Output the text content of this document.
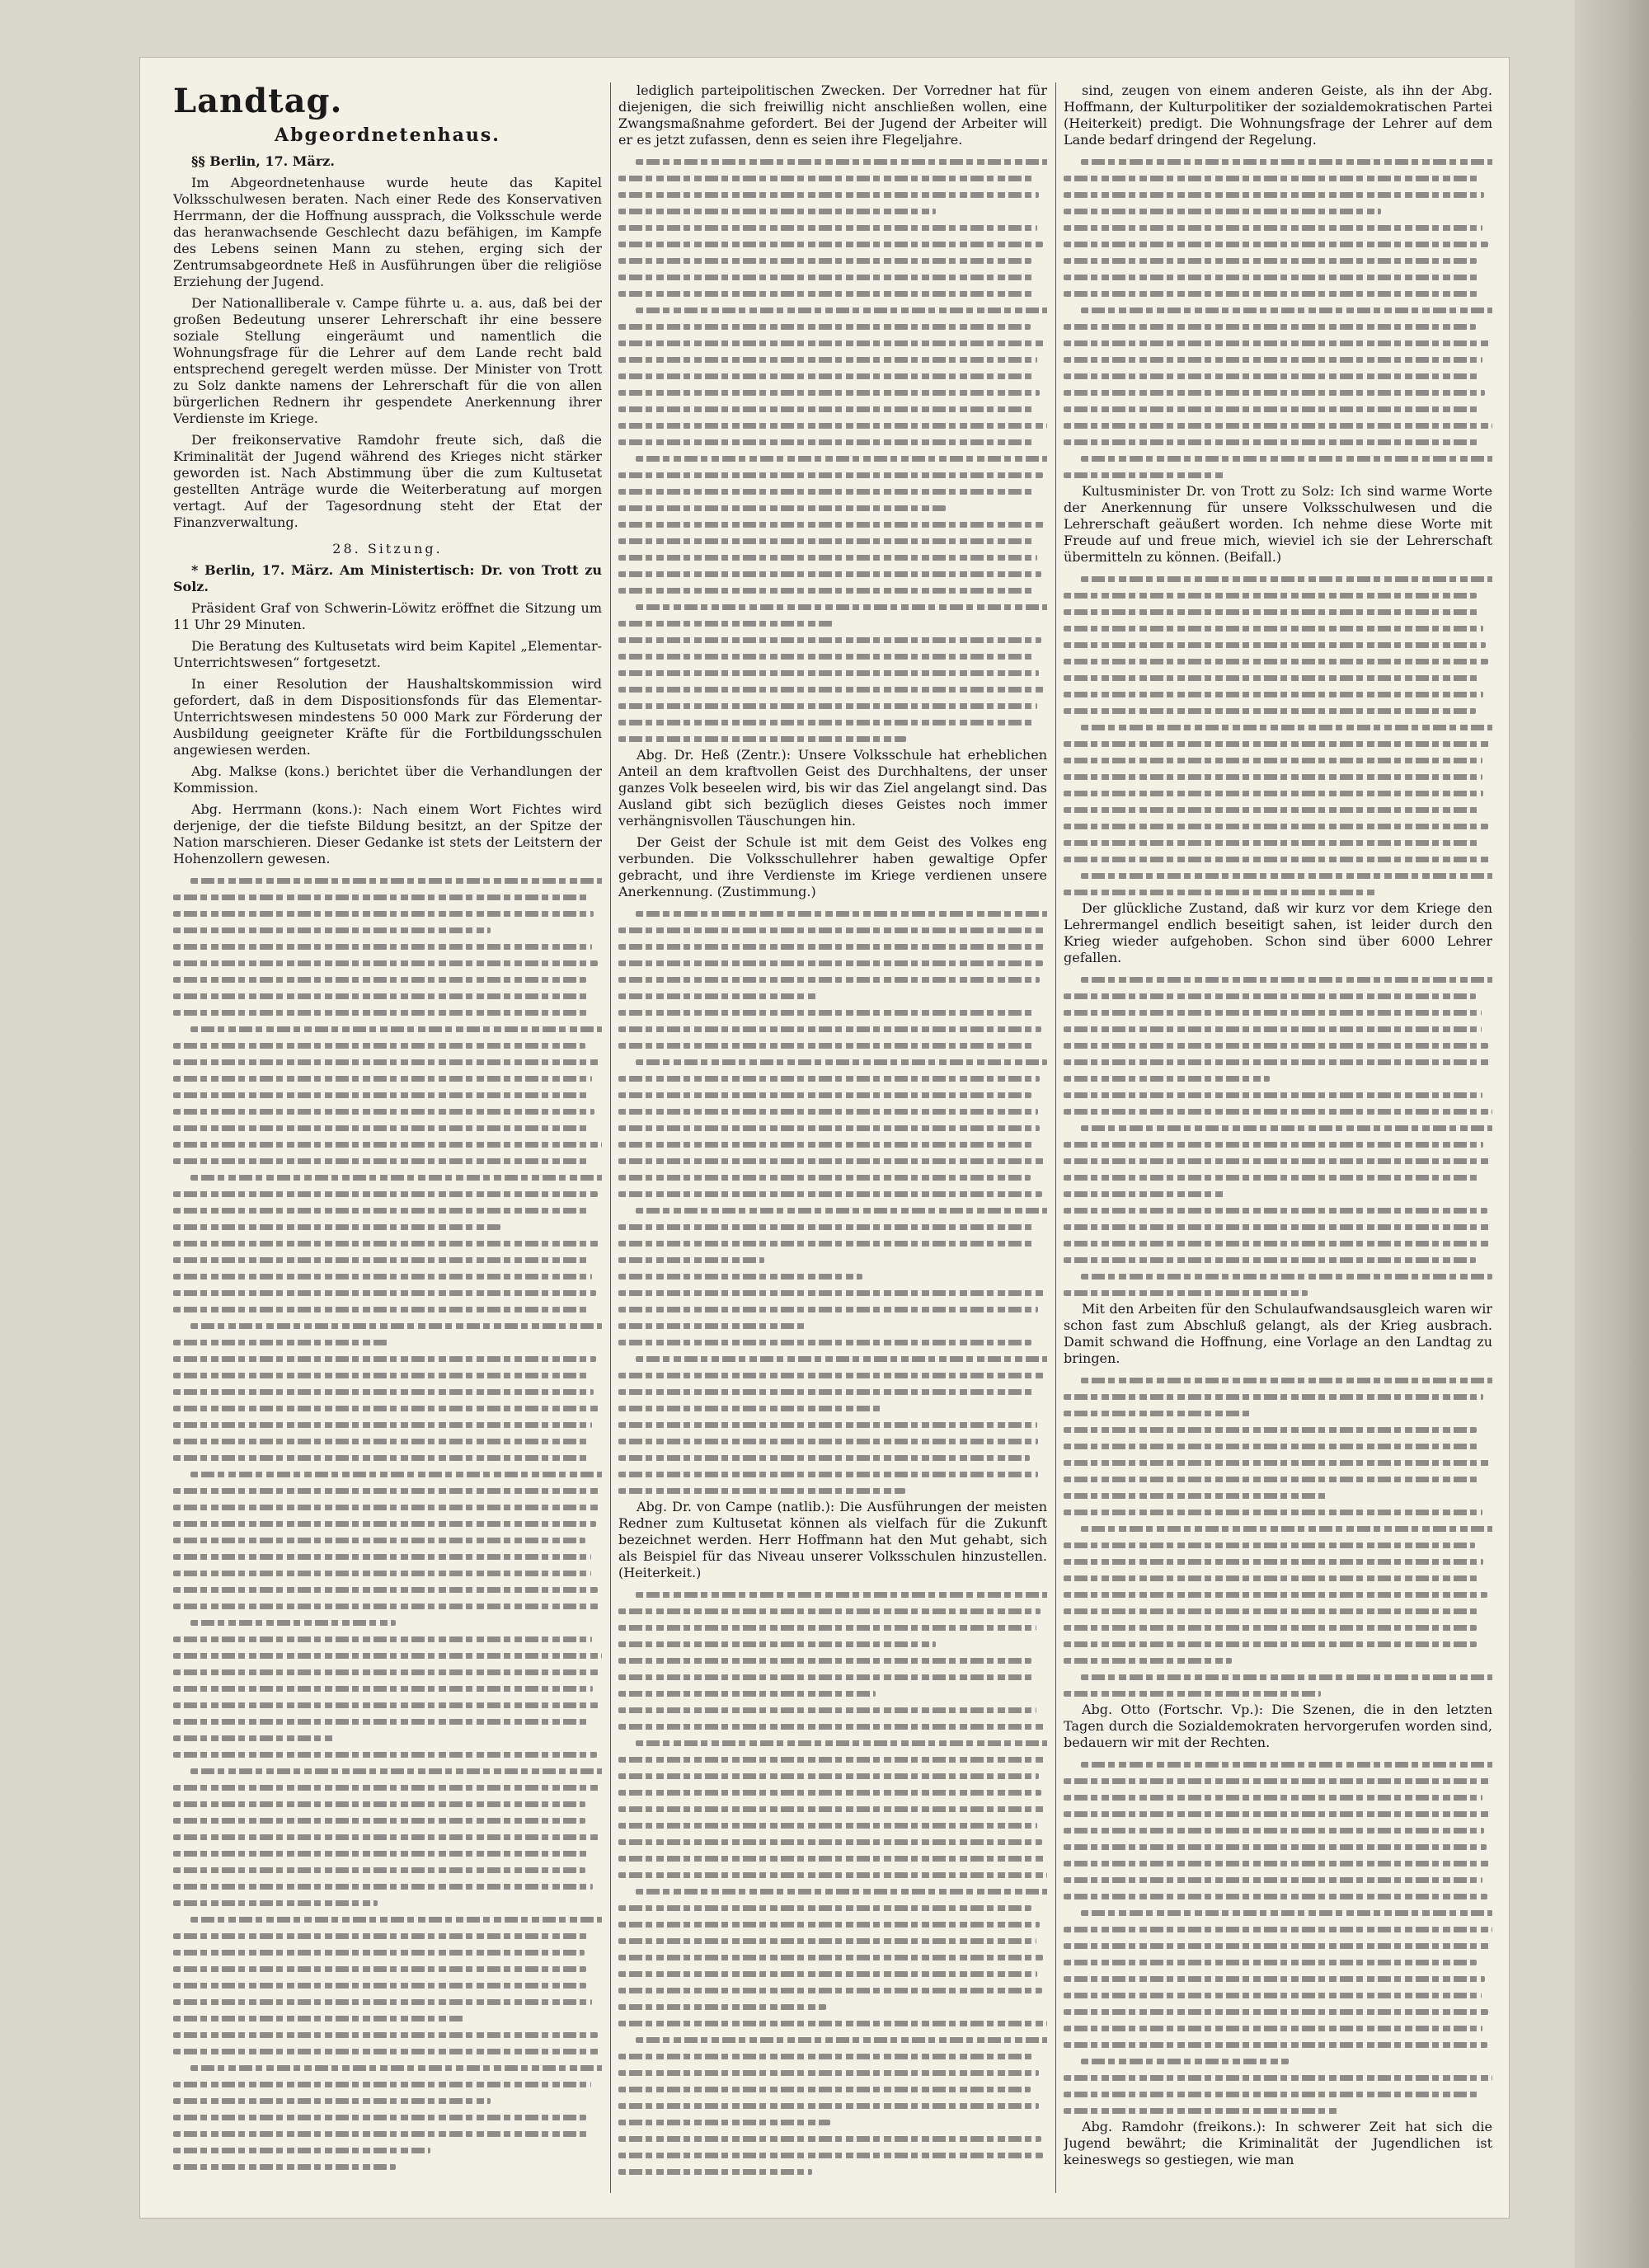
Landtag.
Abgeordnetenhaus.

§§ Berlin, 17. März.

Im Abgeordnetenhause wurde heute das Kapitel Volksschulwesen beraten. Nach einer Rede des Konservativen Herrmann, der die Hoffnung aussprach, die Volksschule werde das heranwachsende Geschlecht dazu befähigen, im Kampfe des Lebens seinen Mann zu stehen, erging sich der Zentrumsabgeordnete Heß in Ausführungen über die religiöse Erziehung der Jugend.

Der Nationalliberale v. Campe führte u. a. aus, daß bei der großen Bedeutung unserer Lehrerschaft ihr eine bessere soziale Stellung eingeräumt und namentlich die Wohnungsfrage für die Lehrer auf dem Lande recht bald entsprechend geregelt werden müsse. Der Minister von Trott zu Solz dankte namens der Lehrerschaft für die von allen bürgerlichen Rednern ihr gespendete Anerkennung ihrer Verdienste im Kriege.

Der freikonservative Ramdohr freute sich, daß die Kriminalität der Jugend während des Krieges nicht stärker geworden ist. Nach Abstimmung über die zum Kultusetat gestellten Anträge wurde die Weiterberatung auf morgen vertagt. Auf der Tagesordnung steht der Etat der Finanzverwaltung.

28. Sitzung.

* Berlin, 17. März. Am Ministertisch: Dr. von Trott zu Solz.

Präsident Graf von Schwerin-Löwitz eröffnet die Sitzung um 11 Uhr 29 Minuten.

Die Beratung des Kultusetats wird beim Kapitel „Elementar-Unterrichtswesen“ fortgesetzt.

In einer Resolution der Haushaltskommission wird gefordert, daß in dem Dispositionsfonds für das Elementar-Unterrichtswesen mindestens 50 000 Mark zur Förderung der Ausbildung geeigneter Kräfte für die Fortbildungsschulen angewiesen werden.

Abg. Malkse (kons.) berichtet über die Verhandlungen der Kommission.

Abg. Herrmann (kons.): Nach einem Wort Fichtes wird derjenige, der die tiefste Bildung besitzt, an der Spitze der Nation marschieren. Dieser Gedanke ist stets der Leitstern der Hohenzollern gewesen.

lediglich parteipolitischen Zwecken. Der Vorredner hat für diejenigen, die sich freiwillig nicht anschließen wollen, eine Zwangsmaßnahme gefordert. Bei der Jugend der Arbeiter will er es jetzt zufassen, denn es seien ihre Flegeljahre.

Abg. Dr. Heß (Zentr.): Unsere Volksschule hat erheblichen Anteil an dem kraftvollen Geist des Durchhaltens, der unser ganzes Volk beseelen wird, bis wir das Ziel angelangt sind. Das Ausland gibt sich bezüglich dieses Geistes noch immer verhängnisvollen Täuschungen hin.

Der Geist der Schule ist mit dem Geist des Volkes eng verbunden. Die Volksschullehrer haben gewaltige Opfer gebracht, und ihre Verdienste im Kriege verdienen unsere Anerkennung. (Zustimmung.)

Abg. Dr. von Campe (natlib.): Die Ausführungen der meisten Redner zum Kultusetat können als vielfach für die Zukunft bezeichnet werden. Herr Hoffmann hat den Mut gehabt, sich als Beispiel für das Niveau unserer Volksschulen hinzustellen. (Heiterkeit.)

sind, zeugen von einem anderen Geiste, als ihn der Abg. Hoffmann, der Kulturpolitiker der sozialdemokratischen Partei (Heiterkeit) predigt. Die Wohnungsfrage der Lehrer auf dem Lande bedarf dringend der Regelung.

Kultusminister Dr. von Trott zu Solz: Ich sind warme Worte der Anerkennung für unsere Volksschulwesen und die Lehrerschaft geäußert worden. Ich nehme diese Worte mit Freude auf und freue mich, wieviel ich sie der Lehrerschaft übermitteln zu können. (Beifall.)

Der glückliche Zustand, daß wir kurz vor dem Kriege den Lehrermangel endlich beseitigt sahen, ist leider durch den Krieg wieder aufgehoben. Schon sind über 6000 Lehrer gefallen.

Mit den Arbeiten für den Schulaufwandsausgleich waren wir schon fast zum Abschluß gelangt, als der Krieg ausbrach. Damit schwand die Hoffnung, eine Vorlage an den Landtag zu bringen.

Abg. Otto (Fortschr. Vp.): Die Szenen, die in den letzten Tagen durch die Sozialdemokraten hervorgerufen worden sind, bedauern wir mit der Rechten.

Abg. Ramdohr (freikons.): In schwerer Zeit hat sich die Jugend bewährt; die Kriminalität der Jugendlichen ist keineswegs so gestiegen, wie man
